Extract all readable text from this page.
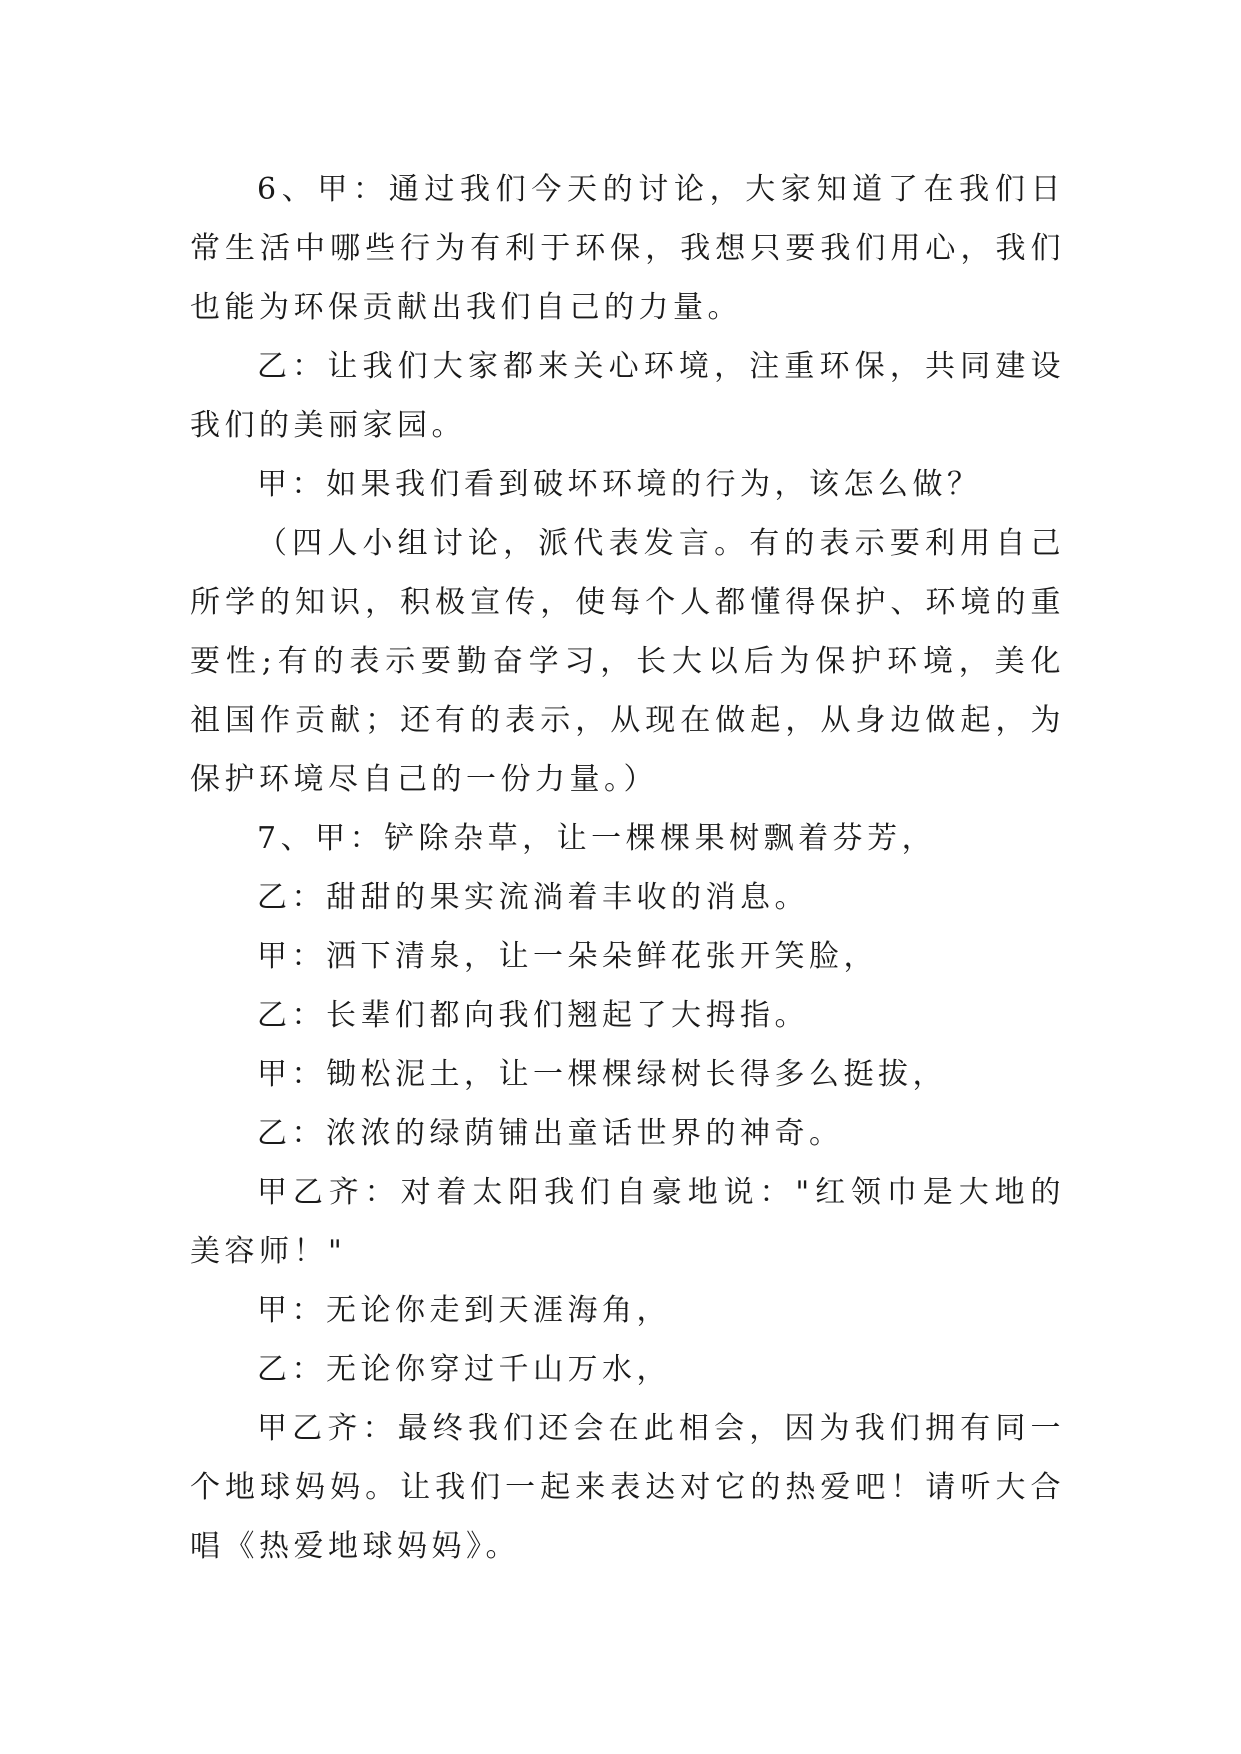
6、甲：通过我们今天的讨论，大家知道了在我们日常生活中哪些行为有利于环保，我想只要我们用心，我们也能为环保贡献出我们自己的力量。

乙：让我们大家都来关心环境，注重环保，共同建设我们的美丽家园。

甲：如果我们看到破坏环境的行为，该怎么做？

（四人小组讨论，派代表发言。有的表示要利用自己所学的知识，积极宣传，使每个人都懂得保护、环境的重要性;有的表示要勤奋学习，长大以后为保护环境，美化祖国作贡献；还有的表示，从现在做起，从身边做起，为保护环境尽自己的一份力量。）

7、甲：铲除杂草，让一棵棵果树飘着芬芳，

乙：甜甜的果实流淌着丰收的消息。

甲：洒下清泉，让一朵朵鲜花张开笑脸，

乙：长辈们都向我们翘起了大拇指。

甲：锄松泥土，让一棵棵绿树长得多么挺拔，

乙：浓浓的绿荫铺出童话世界的神奇。

甲乙齐：对着太阳我们自豪地说："红领巾是大地的美容师！"

甲：无论你走到天涯海角，

乙：无论你穿过千山万水，

甲乙齐：最终我们还会在此相会，因为我们拥有同一个地球妈妈。让我们一起来表达对它的热爱吧！请听大合唱《热爱地球妈妈》。
